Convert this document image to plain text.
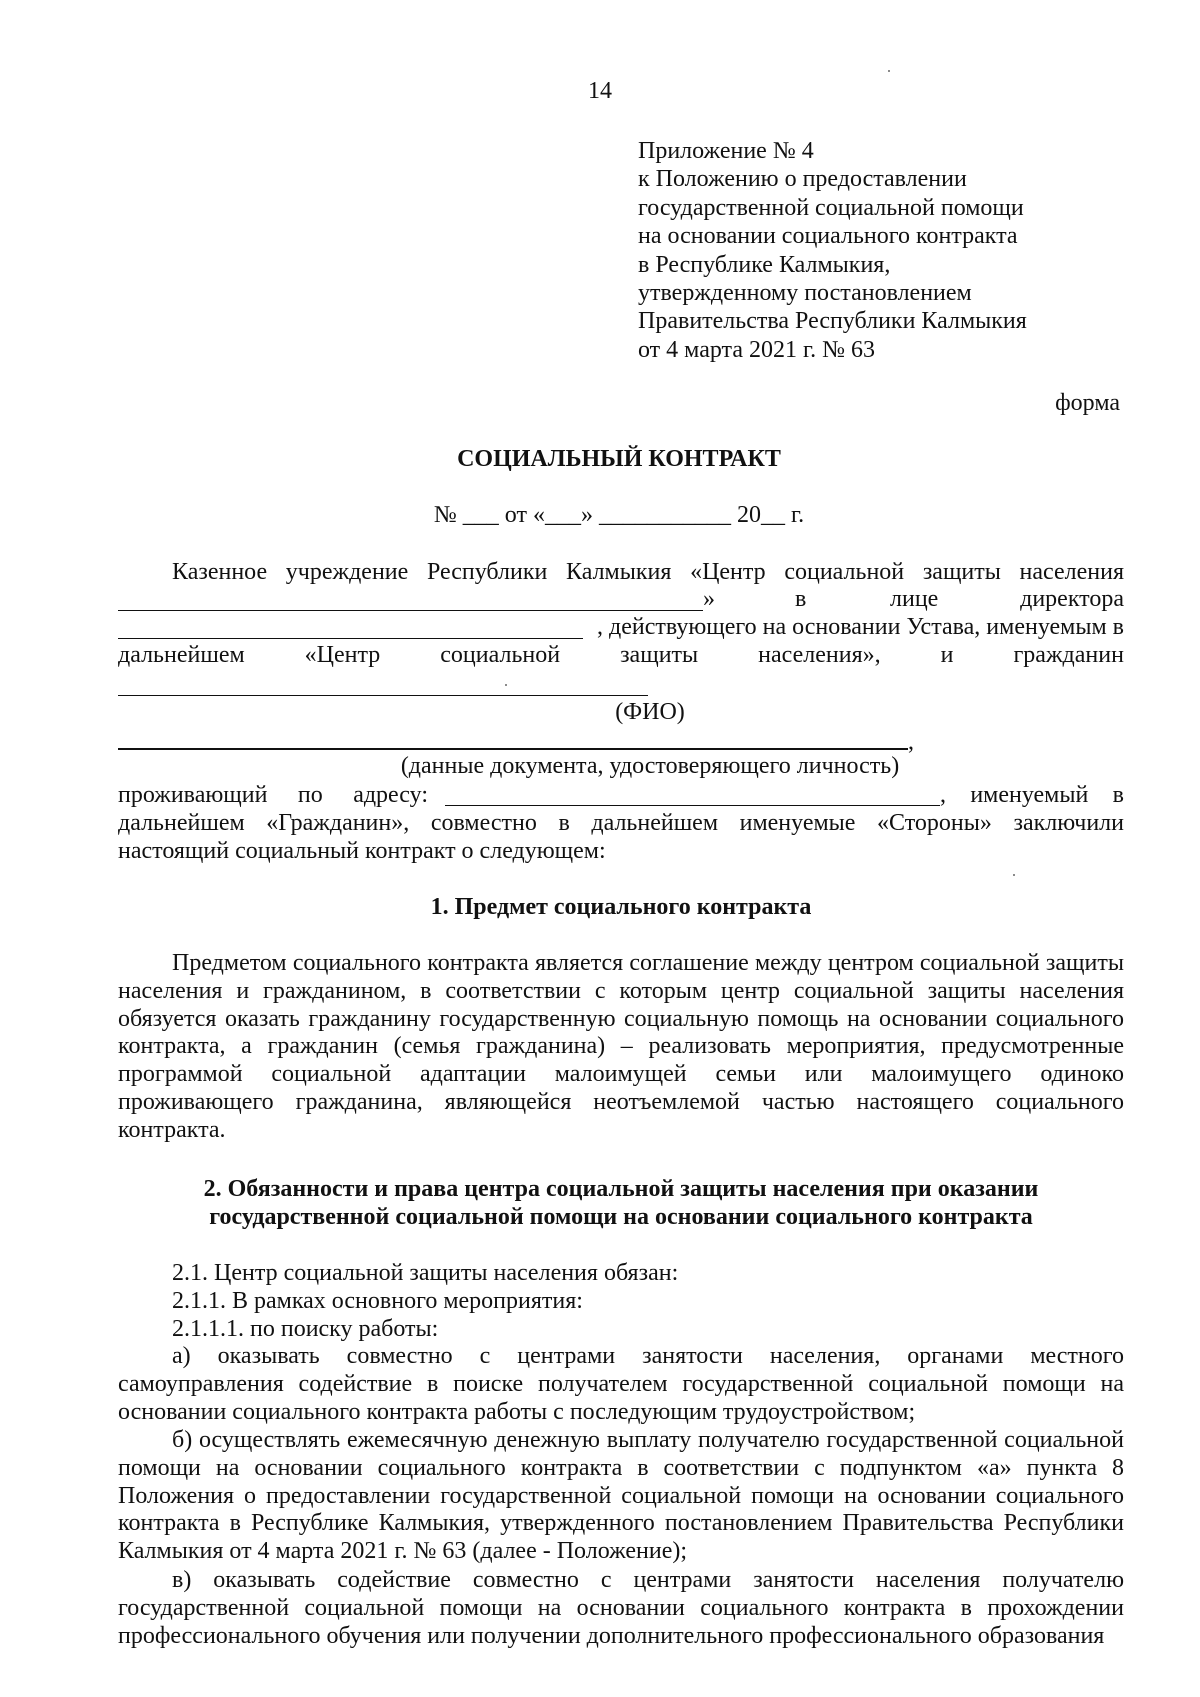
14
Приложение № 4
к Положению о предоставлении
государственной социальной помощи
на основании социального контракта
в Республике Калмыкия,
утвержденному постановлением
Правительства Республики Калмыкия
от 4 марта 2021 г. № 63
форма
СОЦИАЛЬНЫЙ КОНТРАКТ
№ ___ от «___» ___________ 20__ г.
Казенное учреждение Республики Калмыкия «Центр социальной защиты населения
»	в	лице	директора
, действующего на основании Устава, именуемым в
дальнейшем	«Центр	социальной	защиты	населения»,	и	гражданин
(ФИО)
,
(данные документа, удостоверяющего личность)
проживающий по адресу:	, именуемый в
дальнейшем «Гражданин», совместно в дальнейшем именуемые «Стороны» заключили
настоящий социальный контракт о следующем:
1. Предмет социального контракта

Предметом социального контракта является соглашение между центром социальной защиты населения и гражданином, в соответствии с которым центр социальной защиты населения обязуется оказать гражданину государственную социальную помощь на основании социального контракта, а гражданин (семья гражданина) – реализовать мероприятия, предусмотренные программой социальной адаптации малоимущей семьи или малоимущего одиноко проживающего гражданина, являющейся неотъемлемой частью настоящего социального контракта.

2. Обязанности и права центра социальной защиты населения при оказании
государственной социальной помощи на основании социального контракта
2.1. Центр социальной защиты населения обязан:
2.1.1. В рамках основного мероприятия:
2.1.1.1. по поиску работы:

а) оказывать совместно с центрами занятости населения, органами местного самоуправления содействие в поиске получателем государственной социальной помощи на основании социального контракта работы с последующим трудоустройством;

б) осуществлять ежемесячную денежную выплату получателю государственной социальной помощи на основании социального контракта в соответствии с подпунктом «а» пункта 8 Положения о предоставлении государственной социальной помощи на основании социального контракта в Республике Калмыкия, утвержденного постановлением Правительства Республики Калмыкия от 4 марта 2021 г. № 63 (далее - Положение);

в) оказывать содействие совместно с центрами занятости населения получателю государственной социальной помощи на основании социального контракта в прохождении профессионального обучения или получении дополнительного профессионального образования
